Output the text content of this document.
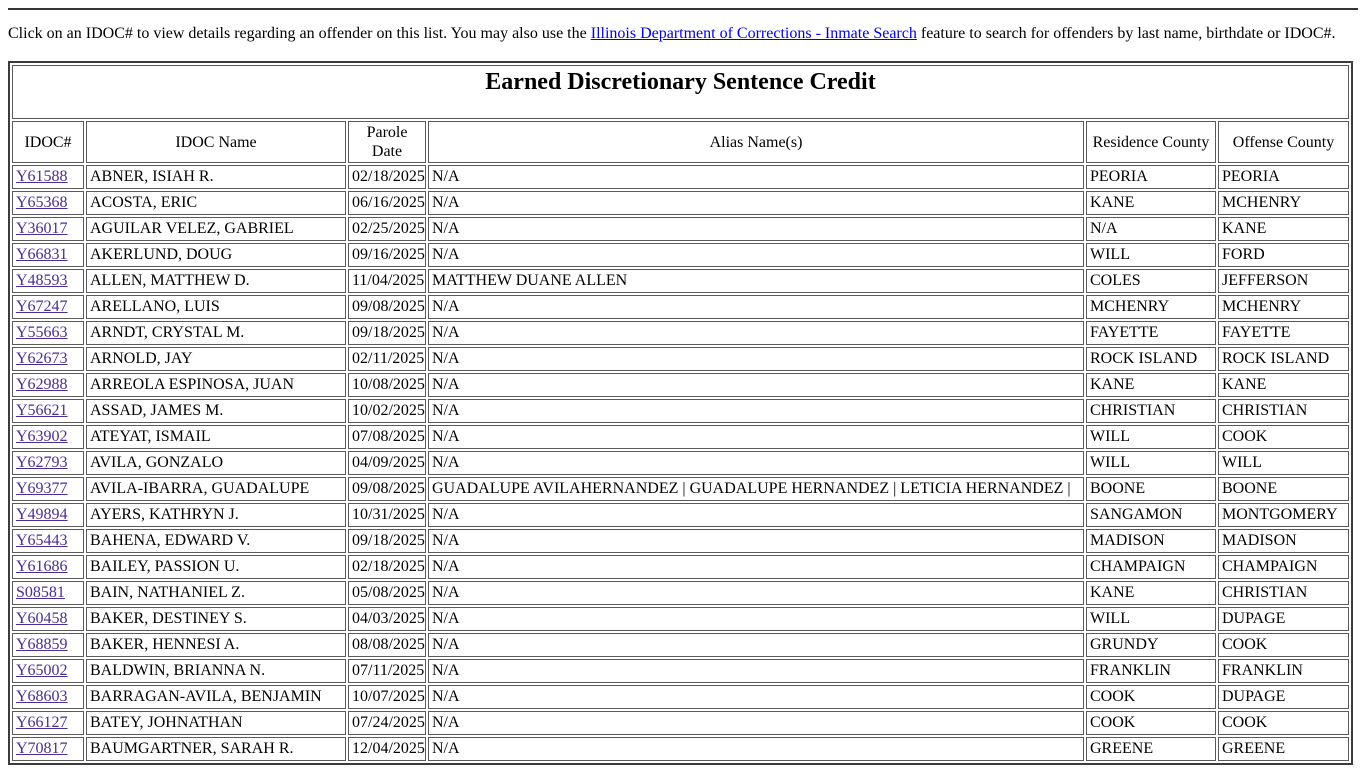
Click on an IDOC# to view details regarding an offender on this list. You may also use the Illinois Department of Corrections - Inmate Search feature to search for offenders by last name, birthdate or IDOC#.

Earned Discretionary Sentence Credit					

IDOC#	IDOC Name	Parole Date	Alias Name(s)	Residence County	Offense County
Y61588	ABNER, ISIAH R.	02/18/2025	N/A	PEORIA	PEORIA
Y65368	ACOSTA, ERIC	06/16/2025	N/A	KANE	MCHENRY
Y36017	AGUILAR VELEZ, GABRIEL	02/25/2025	N/A	N/A	KANE
Y66831	AKERLUND, DOUG	09/16/2025	N/A	WILL	FORD
Y48593	ALLEN, MATTHEW D.	11/04/2025	MATTHEW DUANE ALLEN	COLES	JEFFERSON
Y67247	ARELLANO, LUIS	09/08/2025	N/A	MCHENRY	MCHENRY
Y55663	ARNDT, CRYSTAL M.	09/18/2025	N/A	FAYETTE	FAYETTE
Y62673	ARNOLD, JAY	02/11/2025	N/A	ROCK ISLAND	ROCK ISLAND
Y62988	ARREOLA ESPINOSA, JUAN	10/08/2025	N/A	KANE	KANE
Y56621	ASSAD, JAMES M.	10/02/2025	N/A	CHRISTIAN	CHRISTIAN
Y63902	ATEYAT, ISMAIL	07/08/2025	N/A	WILL	COOK
Y62793	AVILA, GONZALO	04/09/2025	N/A	WILL	WILL
Y69377	AVILA-IBARRA, GUADALUPE	09/08/2025	GUADALUPE AVILAHERNANDEZ | GUADALUPE HERNANDEZ | LETICIA HERNANDEZ |	BOONE	BOONE
Y49894	AYERS, KATHRYN J.	10/31/2025	N/A	SANGAMON	MONTGOMERY
Y65443	BAHENA, EDWARD V.	09/18/2025	N/A	MADISON	MADISON
Y61686	BAILEY, PASSION U.	02/18/2025	N/A	CHAMPAIGN	CHAMPAIGN
S08581	BAIN, NATHANIEL Z.	05/08/2025	N/A	KANE	CHRISTIAN
Y60458	BAKER, DESTINEY S.	04/03/2025	N/A	WILL	DUPAGE
Y68859	BAKER, HENNESI A.	08/08/2025	N/A	GRUNDY	COOK
Y65002	BALDWIN, BRIANNA N.	07/11/2025	N/A	FRANKLIN	FRANKLIN
Y68603	BARRAGAN-AVILA, BENJAMIN	10/07/2025	N/A	COOK	DUPAGE
Y66127	BATEY, JOHNATHAN	07/24/2025	N/A	COOK	COOK
Y70817	BAUMGARTNER, SARAH R.	12/04/2025	N/A	GREENE	GREENE
